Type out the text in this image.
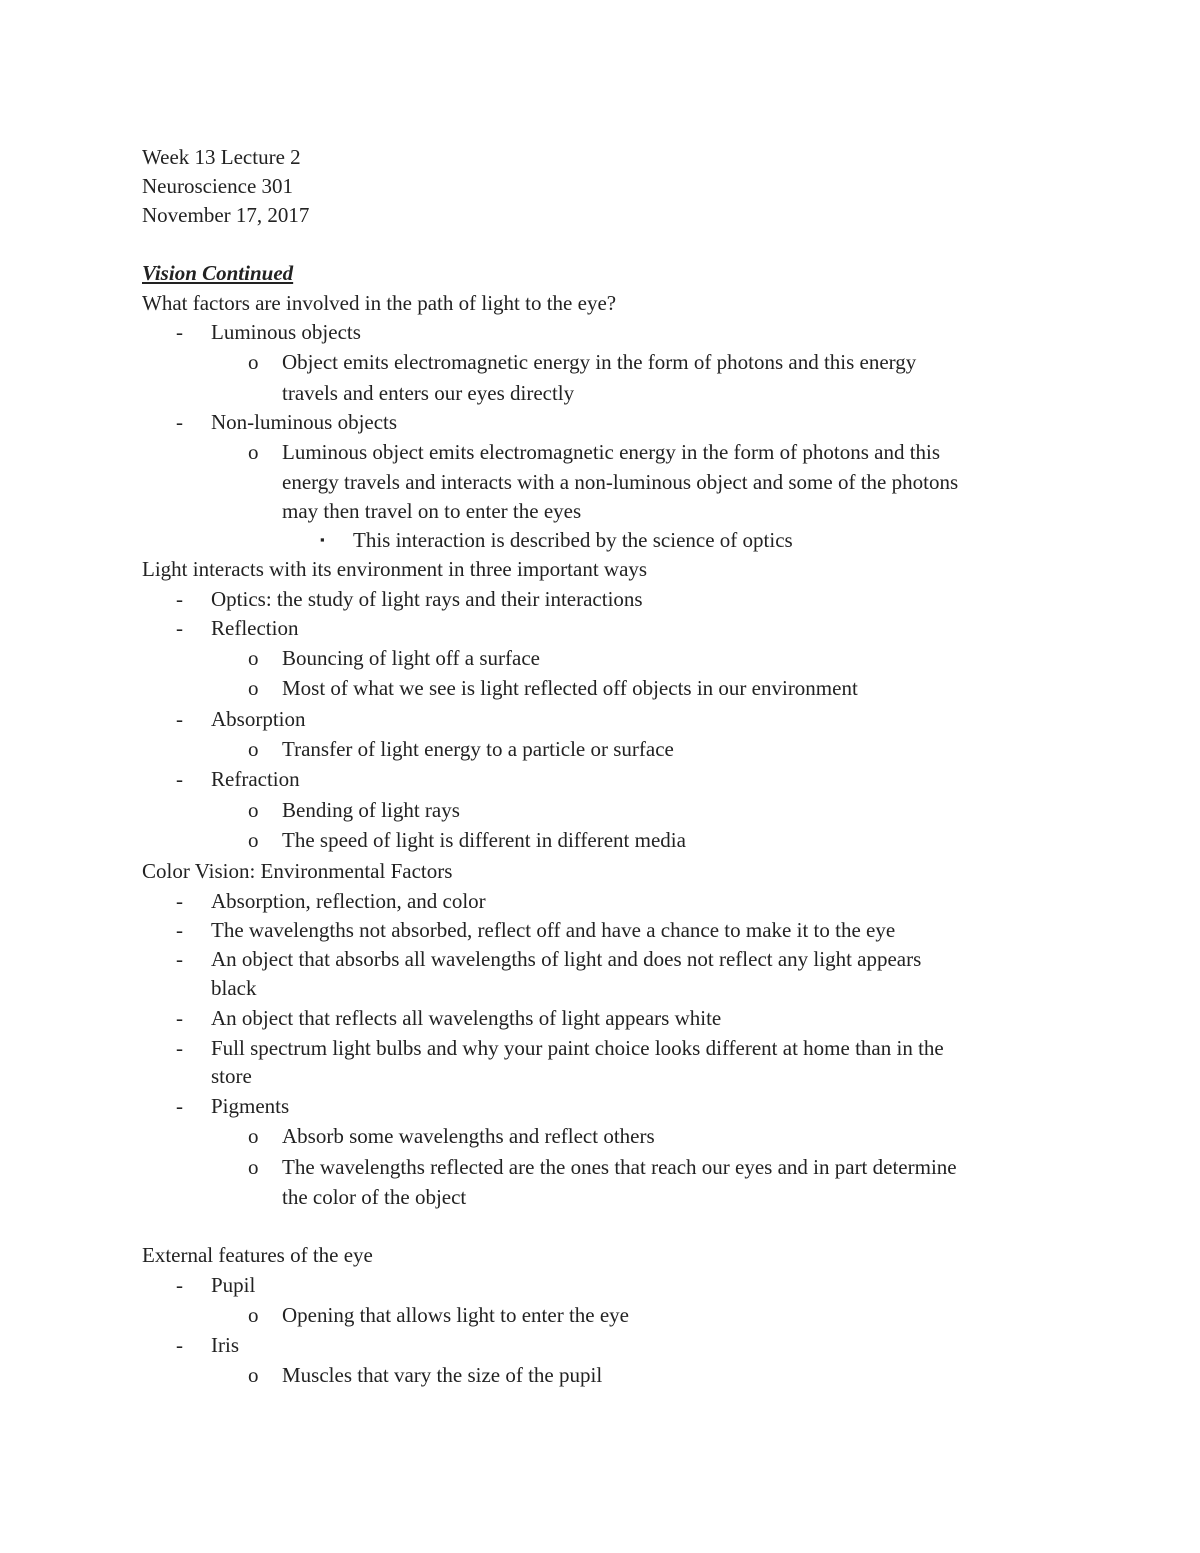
Week 13 Lecture 2
Neuroscience 301
November 17, 2017
Vision Continued
What factors are involved in the path of light to the eye?
- Luminous objects
o Object emits electromagnetic energy in the form of photons and this energy
travels and enters our eyes directly
- Non-luminous objects
o Luminous object emits electromagnetic energy in the form of photons and this
energy travels and interacts with a non-luminous object and some of the photons
may then travel on to enter the eyes
▪ This interaction is described by the science of optics
Light interacts with its environment in three important ways
- Optics: the study of light rays and their interactions
- Reflection
o Bouncing of light off a surface
o Most of what we see is light reflected off objects in our environment
- Absorption
o Transfer of light energy to a particle or surface
- Refraction
o Bending of light rays
o The speed of light is different in different media
Color Vision: Environmental Factors
- Absorption, reflection, and color
- The wavelengths not absorbed, reflect off and have a chance to make it to the eye
- An object that absorbs all wavelengths of light and does not reflect any light appears
black
- An object that reflects all wavelengths of light appears white
- Full spectrum light bulbs and why your paint choice looks different at home than in the
store
- Pigments
o Absorb some wavelengths and reflect others
o The wavelengths reflected are the ones that reach our eyes and in part determine
the color of the object
External features of the eye
- Pupil
o Opening that allows light to enter the eye
- Iris
o Muscles that vary the size of the pupil
